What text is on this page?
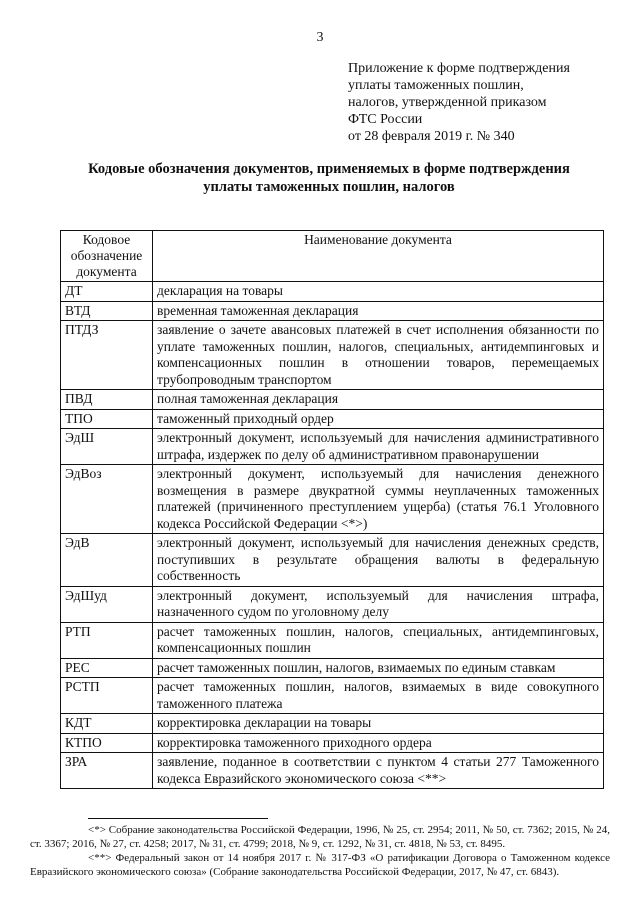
3
Приложение к форме подтверждения
уплаты таможенных пошлин,
налогов, утвержденной приказом
ФТС России
от 28 февраля 2019 г. № 340
Кодовые обозначения документов, применяемых в форме подтверждения
уплаты таможенных пошлин, налогов
Кодовое обозначение документа	Наименование документа
ДТ	декларация на товары
ВТД	временная таможенная декларация
ПТДЗ	заявление о зачете авансовых платежей в счет исполнения обязанности по уплате таможенных пошлин, налогов, специальных, антидемпинговых и компенсационных пошлин в отношении товаров, перемещаемых трубопроводным транспортом
ПВД	полная таможенная декларация
ТПО	таможенный приходный ордер
ЭдШ	электронный документ, используемый для начисления административного штрафа, издержек по делу об административном правонарушении
ЭдВоз	электронный документ, используемый для начисления денежного возмещения в размере двукратной суммы неуплаченных таможенных платежей (причиненного преступлением ущерба) (статья 76.1 Уголовного кодекса Российской Федерации <*>)
ЭдВ	электронный документ, используемый для начисления денежных средств, поступивших в результате обращения валюты в федеральную собственность
ЭдШуд	электронный документ, используемый для начисления штрафа, назначенного судом по уголовному делу
РТП	расчет таможенных пошлин, налогов, специальных, антидемпинговых, компенсационных пошлин
РЕС	расчет таможенных пошлин, налогов, взимаемых по единым ставкам
РСТП	расчет таможенных пошлин, налогов, взимаемых в виде совокупного таможенного платежа
КДТ	корректировка декларации на товары
КТПО	корректировка таможенного приходного ордера
ЗРА	заявление, поданное в соответствии с пунктом 4 статьи 277 Таможенного кодекса Евразийского экономического союза <**>
<*> Собрание законодательства Российской Федерации, 1996, № 25, ст. 2954; 2011, № 50, ст. 7362; 2015, № 24, ст. 3367; 2016, № 27, ст. 4258; 2017, № 31, ст. 4799; 2018, № 9, ст. 1292, № 31, ст. 4818, № 53, ст. 8495.
<**> Федеральный закон от 14 ноября 2017 г. № 317-ФЗ «О ратификации Договора о Таможенном кодексе Евразийского экономического союза» (Собрание законодательства Российской Федерации, 2017, № 47, ст. 6843).
